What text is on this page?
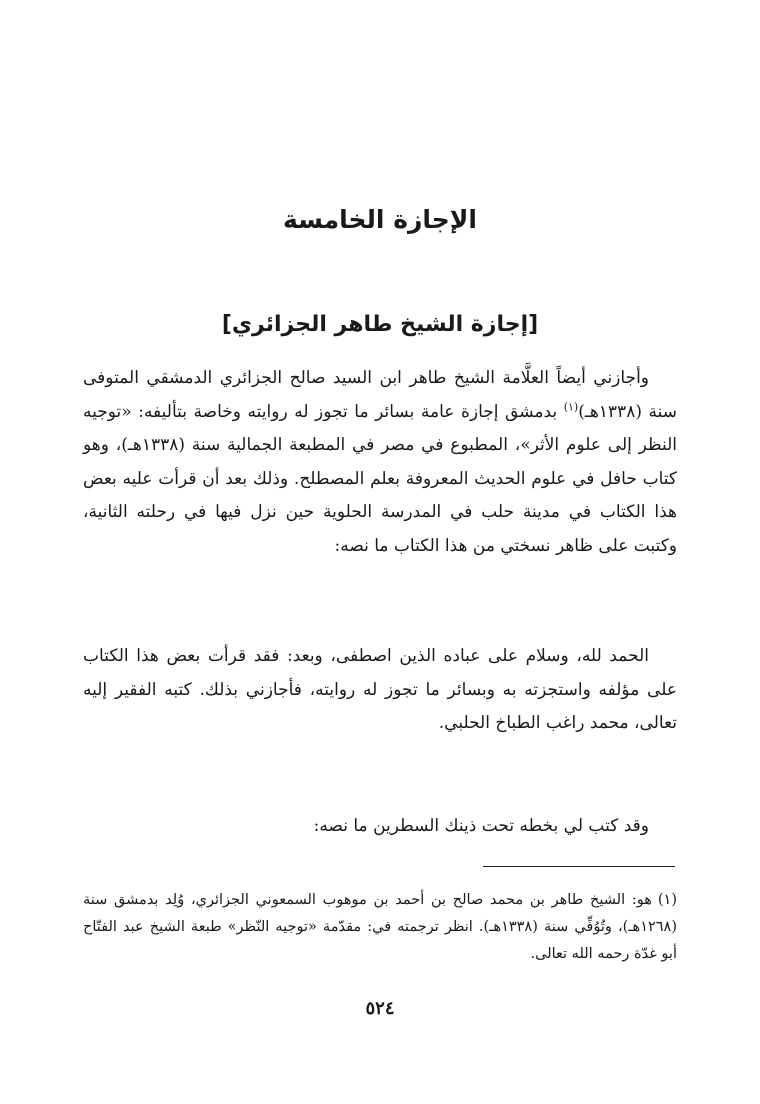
الإجازة الخامسة
[إجازة الشيخ طاهر الجزائري]

وأجازني أيضاً العلَّامة الشيخ طاهر ابن السيد صالح الجزائري الدمشقي المتوفى سنة (١٣٣٨هـ)$^{(١)}$ بدمشق إجازة عامة بسائر ما تجوز له روايته وخاصة بتأليفه: «توجيه النظر إلى علوم الأثر»، المطبوع في مصر في المطبعة الجمالية سنة (١٣٣٨هـ)، وهو كتاب حافل في علوم الحديث المعروفة بعلم المصطلح. وذلك بعد أن قرأت عليه بعض هذا الكتاب في مدينة حلب في المدرسة الحلوية حين نزل فيها في رحلته الثانية، وكتبت على ظاهر نسختي من هذا الكتاب ما نصه:

الحمد لله، وسلام على عباده الذين اصطفى، وبعد: فقد قرأت بعض هذا الكتاب على مؤلفه واستجزته به وبسائر ما تجوز له روايته، فأجازني بذلك. كتبه الفقير إليه تعالى، محمد راغب الطباخ الحلبي.

وقد كتب لي بخطه تحت ذينك السطرين ما نصه:

(١)هو: الشيخ طاهر بن محمد صالح بن أحمد بن موهوب السمعوني الجزائري، وُلِد بدمشق سنة (١٢٦٨هـ)، وتُوُفِّي سنة (١٣٣٨هـ). انظر ترجمته في: مقدّمة «توجيه النّظر» طبعة الشيخ عبد الفتّاح أبو غدّة رحمه الله تعالى.

٥٢٤
